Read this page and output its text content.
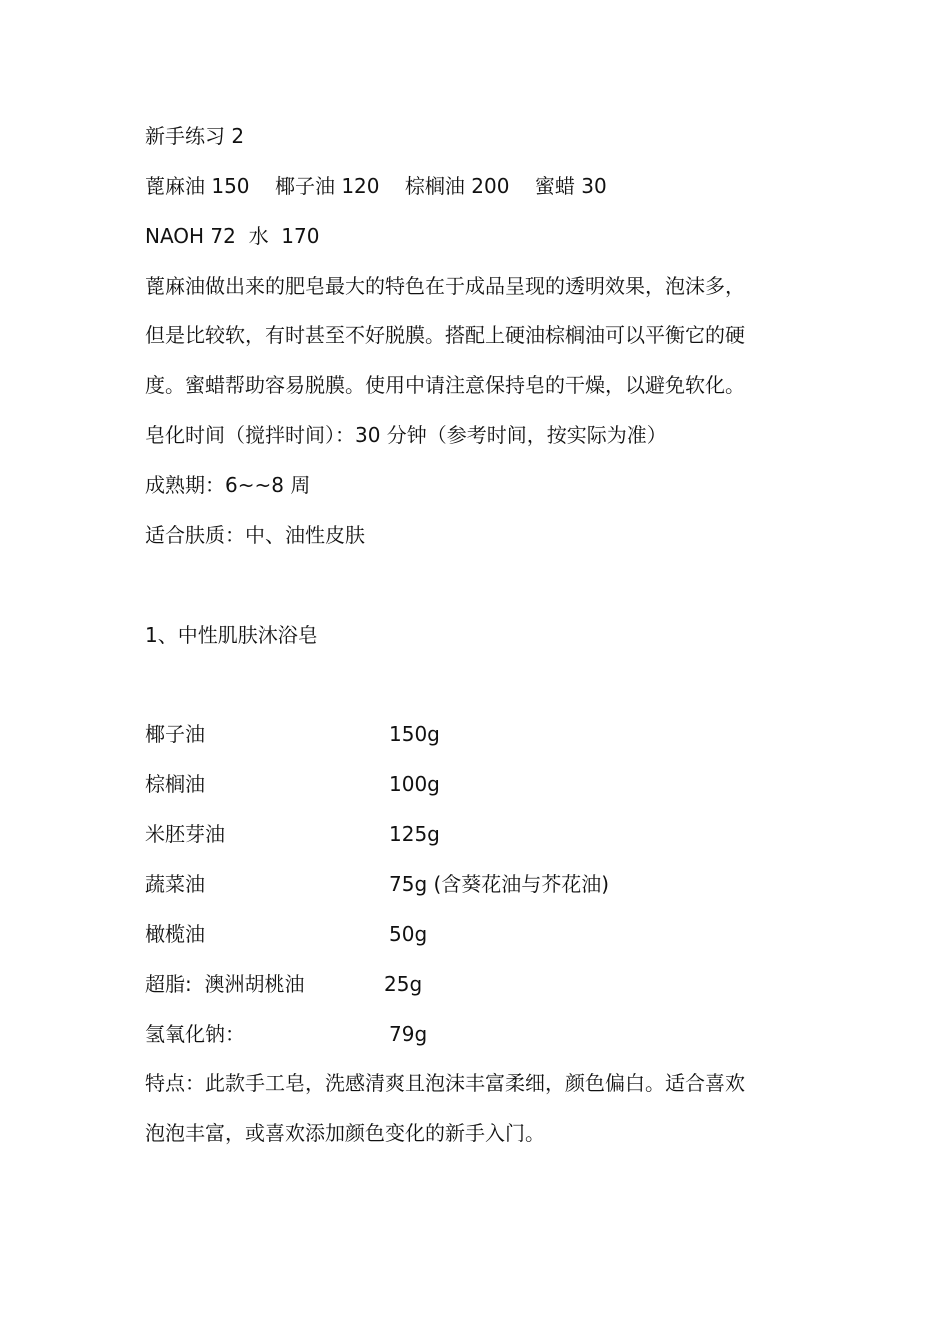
新手练习 2
蓖麻油 150    椰子油 120    棕榈油 200    蜜蜡 30
NAOH 72  水  170
蓖麻油做出来的肥皂最大的特色在于成品呈现的透明效果，泡沫多，
但是比较软，有时甚至不好脱膜。搭配上硬油棕榈油可以平衡它的硬
度。蜜蜡帮助容易脱膜。使用中请注意保持皂的干燥，以避免软化。
皂化时间（搅拌时间）：30 分钟（参考时间，按实际为准）
成熟期：6~~8 周
适合肤质：中、油性皮肤
1、中性肌肤沐浴皂
椰子油	150g
棕榈油	100g
米胚芽油	125g
蔬菜油	75g (含葵花油与芥花油)
橄榄油	50g
超脂:  澳洲胡桃油	25g
氢氧化钠：	79g
特点：此款手工皂，洗感清爽且泡沫丰富柔细，颜色偏白。适合喜欢
泡泡丰富，或喜欢添加颜色变化的新手入门。
